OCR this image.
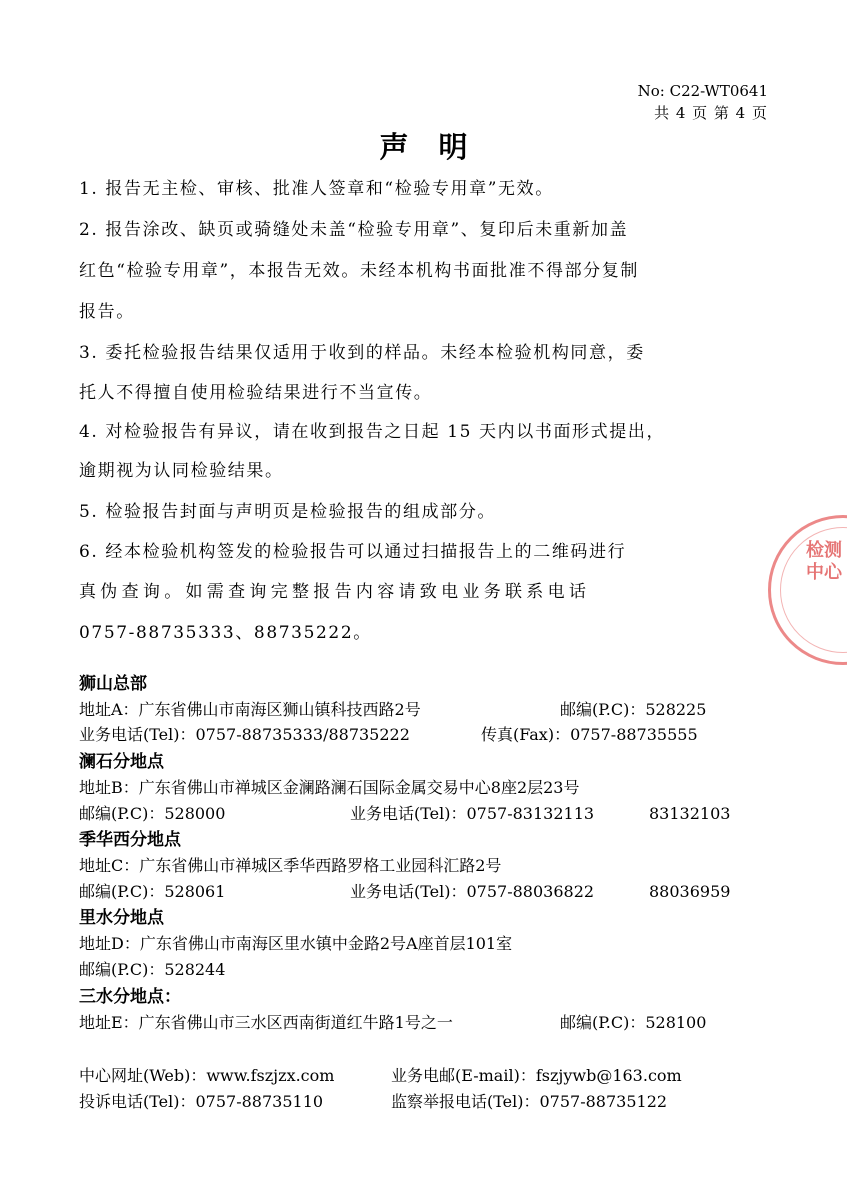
检测中心
No: C22-WT0641
共 4 页 第 4 页
声明
1. 报告无主检、审核、批准人签章和“检验专用章”无效。
2. 报告涂改、缺页或骑缝处未盖“检验专用章”、复印后未重新加盖
红色“检验专用章”，本报告无效。未经本机构书面批准不得部分复制
报告。
3. 委托检验报告结果仅适用于收到的样品。未经本检验机构同意，委
托人不得擅自使用检验结果进行不当宣传。
4. 对检验报告有异议，请在收到报告之日起 15 天内以书面形式提出，
逾期视为认同检验结果。
5. 检验报告封面与声明页是检验报告的组成部分。
6. 经本检验机构签发的检验报告可以通过扫描报告上的二维码进行
真伪查询。如需查询完整报告内容请致电业务联系电话
0757-88735333、88735222。
狮山总部
地址A：广东省佛山市南海区狮山镇科技西路2号	邮编(P.C)：528225
业务电话(Tel)：0757-88735333/88735222	传真(Fax)：0757-88735555
澜石分地点
地址B：广东省佛山市禅城区金澜路澜石国际金属交易中心8座2层23号
邮编(P.C)：528000	业务电话(Tel)：0757-83132113	83132103
季华西分地点
地址C：广东省佛山市禅城区季华西路罗格工业园科汇路2号
邮编(P.C)：528061	业务电话(Tel)：0757-88036822	88036959
里水分地点
地址D：广东省佛山市南海区里水镇中金路2号A座首层101室
邮编(P.C)：528244
三水分地点：
地址E：广东省佛山市三水区西南街道红牛路1号之一	邮编(P.C)：528100
中心网址(Web)：www.fszjzx.com	业务电邮(E-mail)：fszjywb@163.com
投诉电话(Tel)：0757-88735110	监察举报电话(Tel)：0757-88735122
